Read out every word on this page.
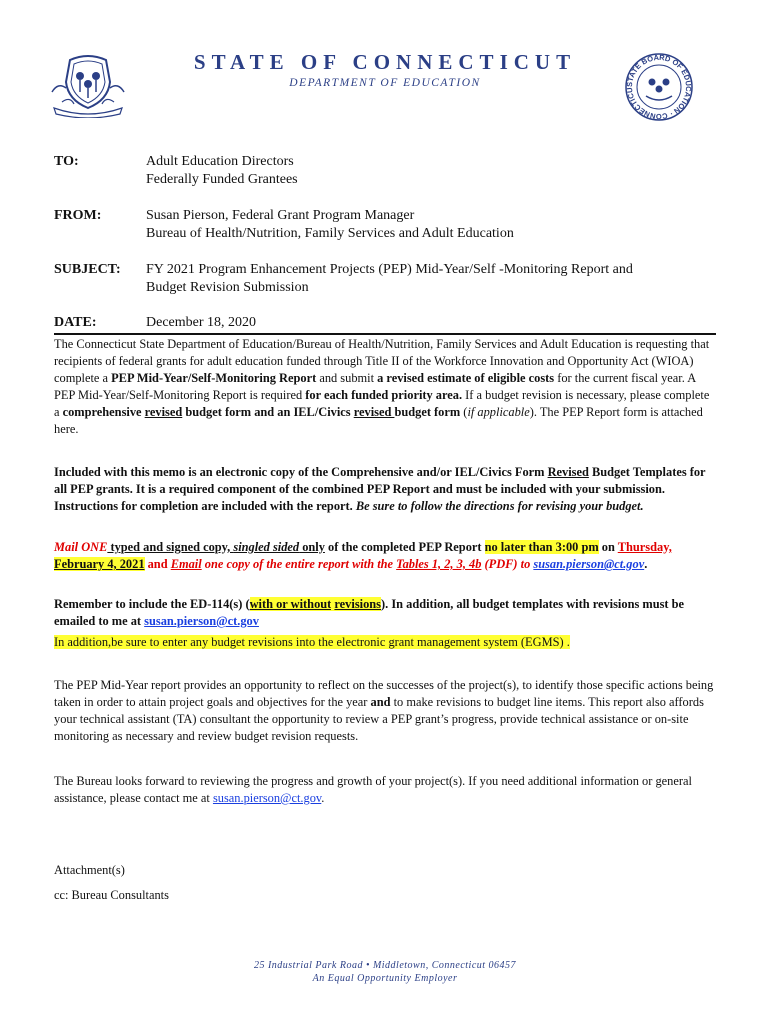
STATE OF CONNECTICUT
DEPARTMENT OF EDUCATION	STATE BOARD OF EDUCATION · CONNECTICU
TO:	Adult Education Directors
Federally Funded Grantees
FROM:	Susan Pierson, Federal Grant Program Manager
Bureau of Health/Nutrition, Family Services and Adult Education
SUBJECT: FY 2021 Program Enhancement Projects (PEP) Mid-Year/Self -Monitoring Report and
Budget Revision Submission
DATE:	December 18, 2020
The Connecticut State Department of Education/Bureau of Health/Nutrition, Family Services and Adult Education is requesting that recipients of federal grants for adult education funded through Title II of the Workforce Innovation and Opportunity Act (WIOA) complete a PEP Mid-Year/Self-Monitoring Report and submit a revised estimate of eligible costs for the current fiscal year. A PEP Mid-Year/Self-Monitoring Report is required for each funded priority area. If a budget revision is necessary, please complete a comprehensive revised budget form and an IEL/Civics revised budget form (if applicable). The PEP Report form is attached here.
Included with this memo is an electronic copy of the Comprehensive and/or IEL/Civics Form Revised Budget Templates for all PEP grants. It is a required component of the combined PEP Report and must be included with your submission. Instructions for completion are included with the report. Be sure to follow the directions for revising your budget.
Mail ONE typed and signed copy, singled sided only of the completed PEP Report no later than 3:00 pm on Thursday, February 4, 2021 and Email one copy of the entire report with the Tables 1, 2, 3, 4b (PDF) to susan.pierson@ct.gov.
Remember to include the ED-114(s) (with or without revisions). In addition, all budget templates with revisions must be emailed to me at susan.pierson@ct.gov
In addition,be sure to enter any budget revisions into the electronic grant management system (EGMS) .
The PEP Mid-Year report provides an opportunity to reflect on the successes of the project(s), to identify those specific actions being taken in order to attain project goals and objectives for the year and to make revisions to budget line items. This report also affords your technical assistant (TA) consultant the opportunity to review a PEP grant’s progress, provide technical assistance or on-site monitoring as necessary and review budget revision requests.
The Bureau looks forward to reviewing the progress and growth of your project(s). If you need additional information or general assistance, please contact me at susan.pierson@ct.gov.
Attachment(s)
cc: Bureau Consultants
25 Industrial Park Road • Middletown, Connecticut 06457
An Equal Opportunity Employer
